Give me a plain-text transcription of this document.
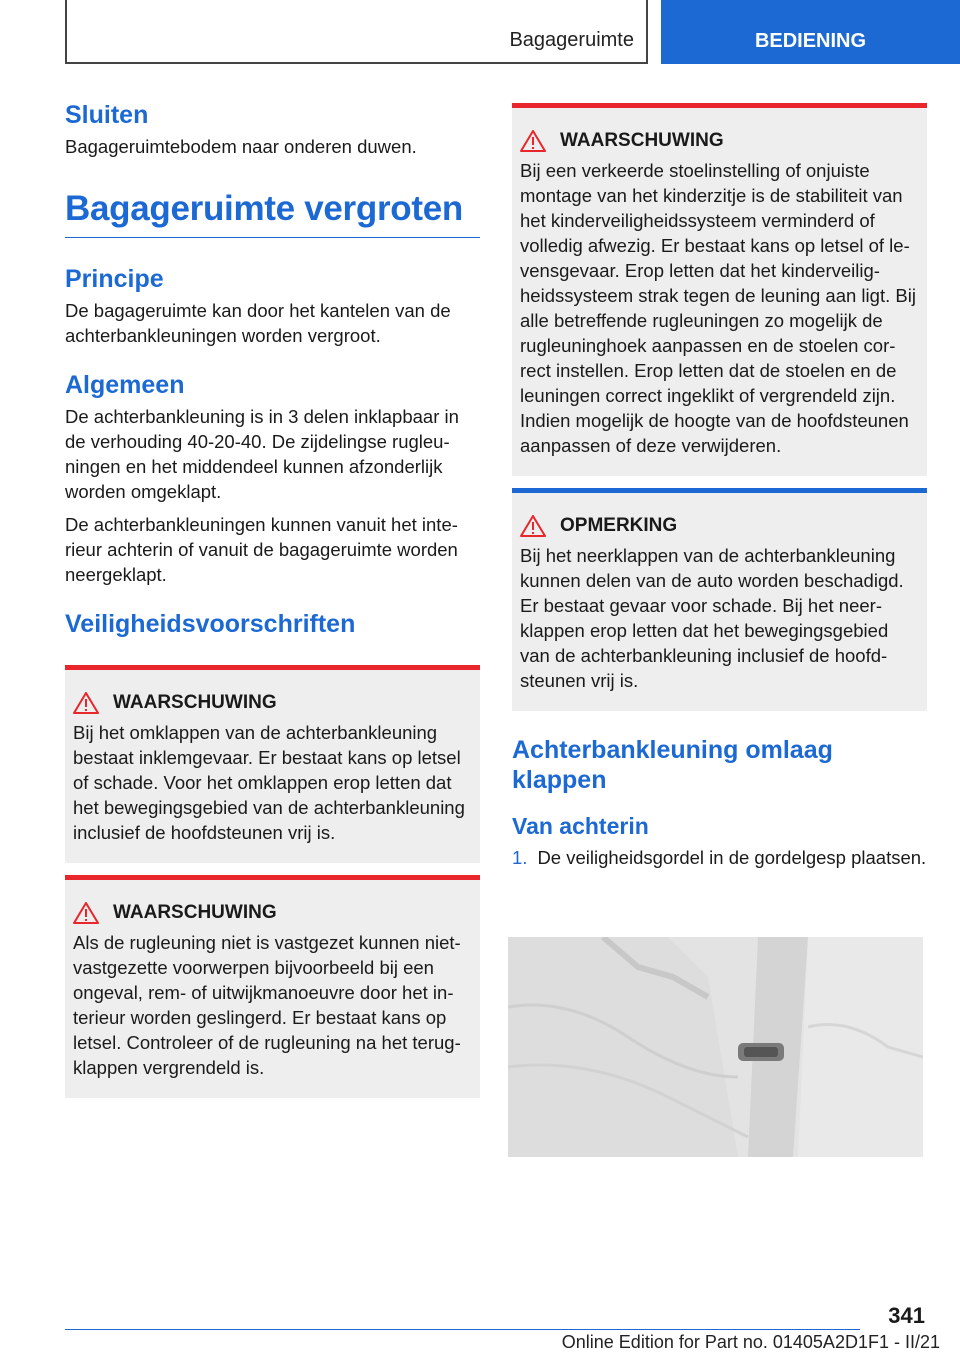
Bagageruimte	BEDIENING
Sluiten

Bagageruimtebodem naar onderen duwen.

Bagageruimte vergroten
Principe

De bagageruimte kan door het kantelen van de achterbankleuningen worden vergroot.

Algemeen

De achterbankleuning is in 3 delen inklapbaar in de verhouding 40-20-40. De zijdelingse rugleuningen en het middendeel kunnen afzonderlijk worden omgeklapt.

De achterbankleuningen kunnen vanuit het interieur achterin of vanuit de bagageruimte worden neergeklapt.

Veiligheidsvoorschriften
WAARSCHUWING

Bij het omklappen van de achterbankleuning bestaat inklemgevaar. Er bestaat kans op letsel of schade. Voor het omklappen erop letten dat het bewegingsgebied van de achterbankleuning inclusief de hoofdsteunen vrij is.

WAARSCHUWING

Als de rugleuning niet is vastgezet kunnen niet-vastgezette voorwerpen bijvoorbeeld bij een ongeval, rem- of uitwijkmanoeuvre door het interieur worden geslingerd. Er bestaat kans op letsel. Controleer of de rugleuning na het terugklappen vergrendeld is.

WAARSCHUWING

Bij een verkeerde stoelinstelling of onjuiste montage van het kinderzitje is de stabiliteit van het kinderveiligheidssysteem verminderd of volledig afwezig. Er bestaat kans op letsel of levensgevaar. Erop letten dat het kinderveiligheidssysteem strak tegen de leuning aan ligt. Bij alle betreffende rugleuningen zo mogelijk de rugleuninghoek aanpassen en de stoelen correct instellen. Erop letten dat de stoelen en de leuningen correct ingeklikt of vergrendeld zijn. Indien mogelijk de hoogte van de hoofdsteunen aanpassen of deze verwijderen.

OPMERKING

Bij het neerklappen van de achterbankleuning kunnen delen van de auto worden beschadigd. Er bestaat gevaar voor schade. Bij het neerklappen erop letten dat het bewegingsgebied van de achterbankleuning inclusief de hoofdsteunen vrij is.

Achterbankleuning omlaag klappen
Van achterin
1. De veiligheidsgordel in de gordelgesp plaatsen.

341
Online Edition for Part no. 01405A2D1F1 - II/21
